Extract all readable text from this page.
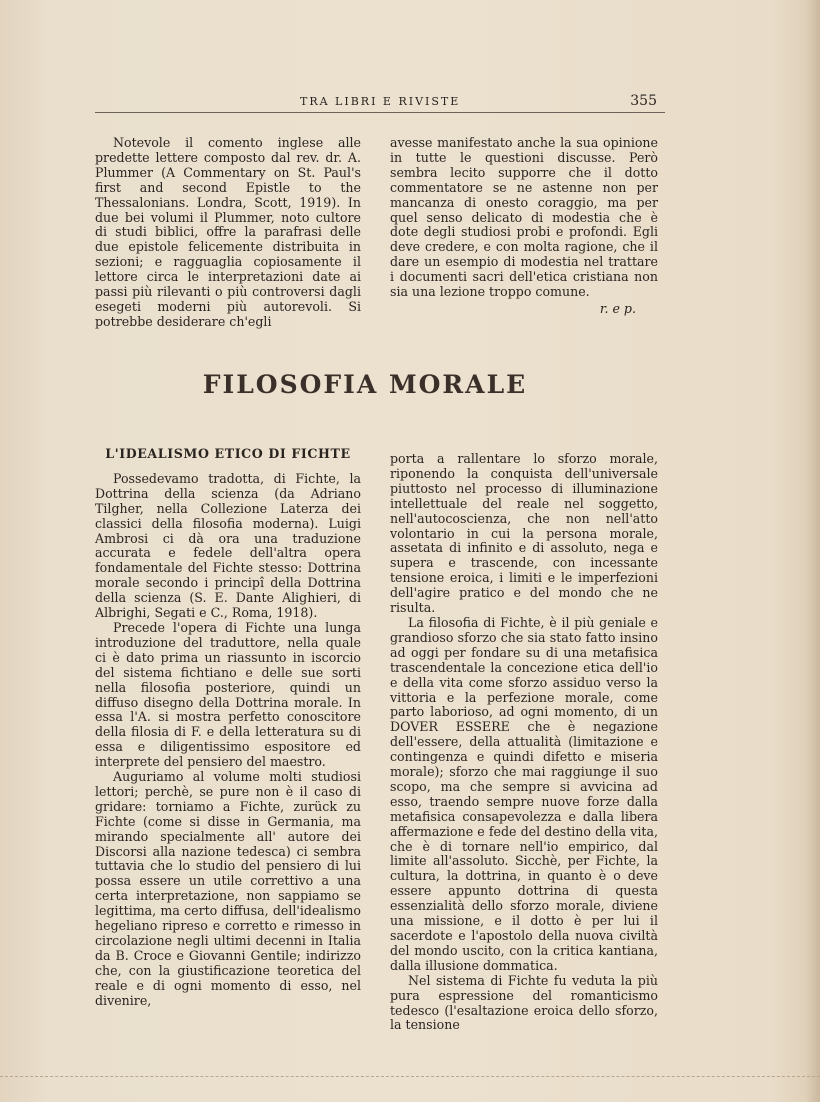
TRA LIBRI E RIVISTE	355

Notevole il comento inglese alle predette lettere composto dal rev. dr. A. Plummer (A Commentary on St. Paul's first and second Epistle to the Thessalonians. Londra, Scott, 1919). In due bei volumi il Plummer, noto cultore di studi biblici, offre la parafrasi delle due epistole felicemente distribuita in sezioni; e ragguaglia copiosamente il lettore circa le interpretazioni date ai passi più rilevanti o più controversi dagli esegeti moderni più autorevoli. Si potrebbe desiderare ch'egli

avesse manifestato anche la sua opinione in tutte le questioni discusse. Però sembra lecito supporre che il dotto commentatore se ne astenne non per mancanza di onesto coraggio, ma per quel senso delicato di modestia che è dote degli studiosi probi e profondi. Egli deve credere, e con molta ragione, che il dare un esempio di modestia nel trattare i documenti sacri dell'etica cristiana non sia una lezione troppo comune.

r. e p.
FILOSOFIA MORALE
L'IDEALISMO ETICO DI FICHTE

Possedevamo tradotta, di Fichte, la Dottrina della scienza (da Adriano Tilgher, nella Collezione Laterza dei classici della filosofia moderna). Luigi Ambrosi ci dà ora una traduzione accurata e fedele dell'altra opera fondamentale del Fichte stesso: Dottrina morale secondo i principî della Dottrina della scienza (S. E. Dante Alighieri, di Albrighi, Segati e C., Roma, 1918).

Precede l'opera di Fichte una lunga introduzione del traduttore, nella quale ci è dato prima un riassunto in iscorcio del sistema fichtiano e delle sue sorti nella filosofia posteriore, quindi un diffuso disegno della Dottrina morale. In essa l'A. si mostra perfetto conoscitore della filosia di F. e della letteratura su di essa e diligentissimo espositore ed interprete del pensiero del maestro.

Auguriamo al volume molti studiosi lettori; perchè, se pure non è il caso di gridare: torniamo a Fichte, zurück zu Fichte (come si disse in Germania, ma mirando specialmente all' autore dei Discorsi alla nazione tedesca) ci sembra tuttavia che lo studio del pensiero di lui possa essere un utile correttivo a una certa interpretazione, non sappiamo se legittima, ma certo diffusa, dell'idealismo hegeliano ripreso e corretto e rimesso in circolazione negli ultimi decenni in Italia da B. Croce e Giovanni Gentile; indirizzo che, con la giustificazione teoretica del reale e di ogni momento di esso, nel divenire,

porta a rallentare lo sforzo morale, riponendo la conquista dell'universale piuttosto nel processo di illuminazione intellettuale del reale nel soggetto, nell'autocoscienza, che non nell'atto volontario in cui la persona morale, assetata di infinito e di assoluto, nega e supera e trascende, con incessante tensione eroica, i limiti e le imperfezioni dell'agire pratico e del mondo che ne risulta.

La filosofia di Fichte, è il più geniale e grandioso sforzo che sia stato fatto insino ad oggi per fondare su di una metafisica trascendentale la concezione etica dell'io e della vita come sforzo assiduo verso la vittoria e la perfezione morale, come parto laborioso, ad ogni momento, di un DOVER ESSERE che è negazione dell'essere, della attualità (limitazione e contingenza e quindi difetto e miseria morale); sforzo che mai raggiunge il suo scopo, ma che sempre si avvicina ad esso, traendo sempre nuove forze dalla metafisica consapevolezza e dalla libera affermazione e fede del destino della vita, che è di tornare nell'io empirico, dal limite all'assoluto. Sicchè, per Fichte, la cultura, la dottrina, in quanto è o deve essere appunto dottrina di questa essenzialità dello sforzo morale, diviene una missione, e il dotto è per lui il sacerdote e l'apostolo della nuova civiltà del mondo uscito, con la critica kantiana, dalla illusione dommatica.

Nel sistema di Fichte fu veduta la più pura espressione del romanticismo tedesco (l'esaltazione eroica dello sforzo, la tensione
